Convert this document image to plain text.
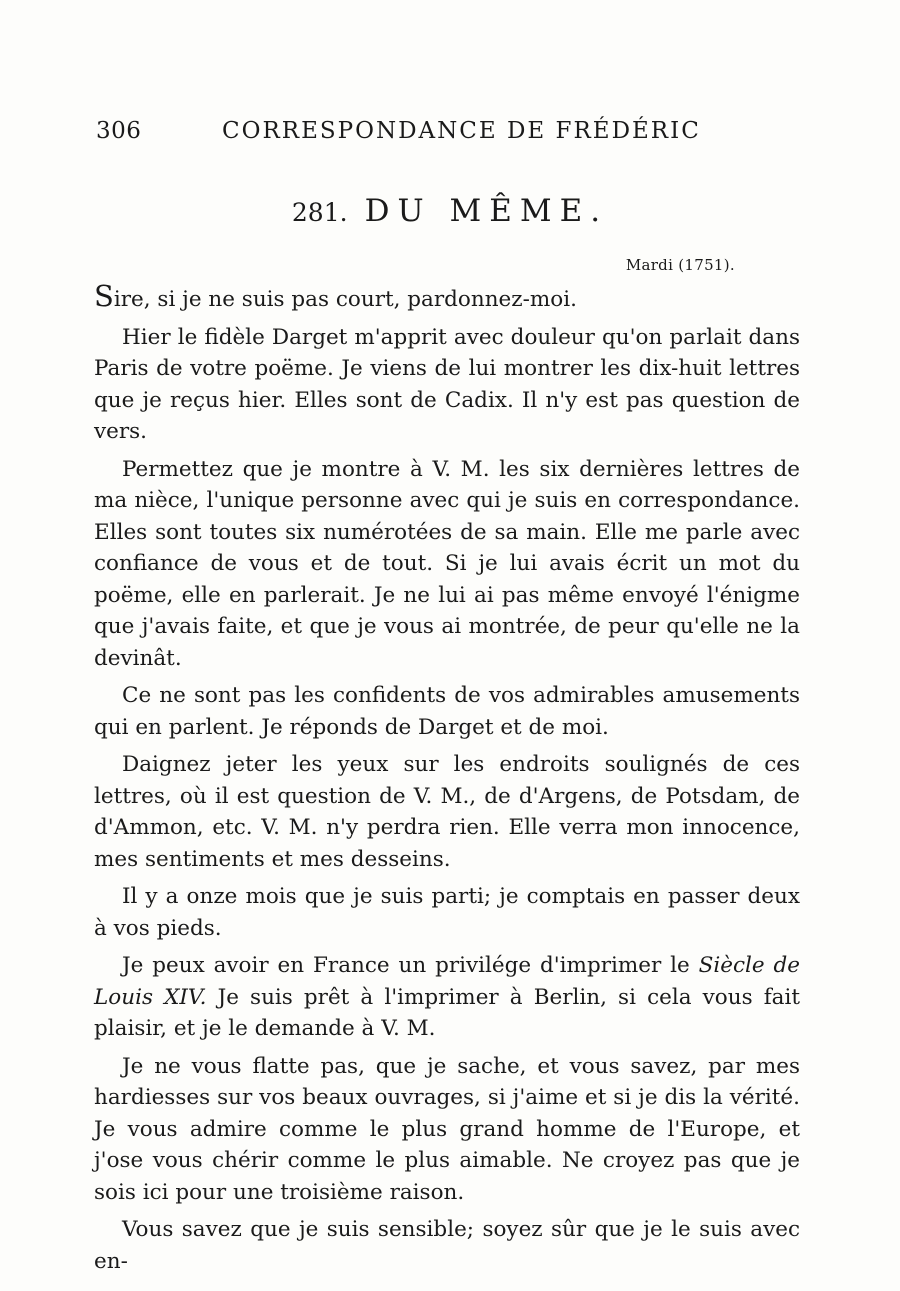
306	CORRESPONDANCE DE FRÉDÉRIC
281. DU MÊME.
Mardi (1751).

Sire, si je ne suis pas court, pardonnez-moi.

Hier le fidèle Darget m'apprit avec douleur qu'on parlait dans Paris de votre poëme. Je viens de lui montrer les dix-huit lettres que je reçus hier. Elles sont de Cadix. Il n'y est pas question de vers.

Permettez que je montre à V. M. les six dernières lettres de ma nièce, l'unique personne avec qui je suis en correspondance. Elles sont toutes six numérotées de sa main. Elle me parle avec confiance de vous et de tout. Si je lui avais écrit un mot du poëme, elle en parlerait. Je ne lui ai pas même envoyé l'énigme que j'avais faite, et que je vous ai montrée, de peur qu'elle ne la devinât.

Ce ne sont pas les confidents de vos admirables amusements qui en parlent. Je réponds de Darget et de moi.

Daignez jeter les yeux sur les endroits soulignés de ces lettres, où il est question de V. M., de d'Argens, de Potsdam, de d'Ammon, etc. V. M. n'y perdra rien. Elle verra mon innocence, mes sentiments et mes desseins.

Il y a onze mois que je suis parti; je comptais en passer deux à vos pieds.

Je peux avoir en France un privilége d'imprimer le Siècle de Louis XIV. Je suis prêt à l'imprimer à Berlin, si cela vous fait plaisir, et je le demande à V. M.

Je ne vous flatte pas, que je sache, et vous savez, par mes hardiesses sur vos beaux ouvrages, si j'aime et si je dis la vérité. Je vous admire comme le plus grand homme de l'Europe, et j'ose vous chérir comme le plus aimable. Ne croyez pas que je sois ici pour une troisième raison.

Vous savez que je suis sensible; soyez sûr que je le suis avec en-
